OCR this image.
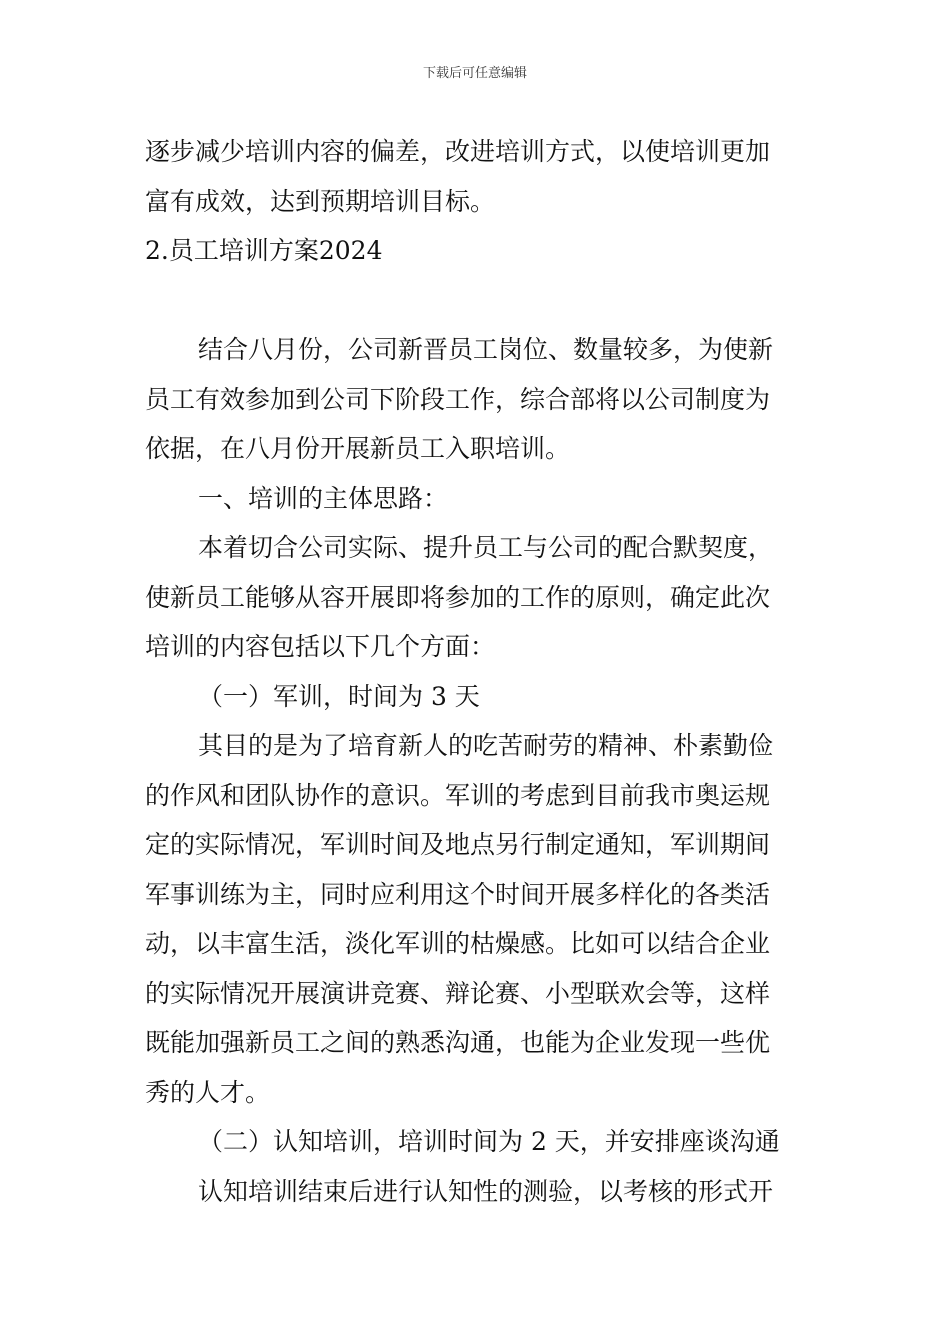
下载后可任意编辑

逐步减少培训内容的偏差，改进培训方式，以使培训更加

富有成效，达到预期培训目标。

2.员工培训方案2024

结合八月份，公司新晋员工岗位、数量较多，为使新

员工有效参加到公司下阶段工作，综合部将以公司制度为

依据，在八月份开展新员工入职培训。

一、培训的主体思路：

本着切合公司实际、提升员工与公司的配合默契度，

使新员工能够从容开展即将参加的工作的原则，确定此次

培训的内容包括以下几个方面：

（一）军训，时间为 3 天

其目的是为了培育新人的吃苦耐劳的精神、朴素勤俭

的作风和团队协作的意识。军训的考虑到目前我市奥运规

定的实际情况，军训时间及地点另行制定通知，军训期间

军事训练为主，同时应利用这个时间开展多样化的各类活

动，以丰富生活，淡化军训的枯燥感。比如可以结合企业

的实际情况开展演讲竞赛、辩论赛、小型联欢会等，这样

既能加强新员工之间的熟悉沟通，也能为企业发现一些优

秀的人才。

（二）认知培训，培训时间为 2 天，并安排座谈沟通

认知培训结束后进行认知性的测验，以考核的形式开
